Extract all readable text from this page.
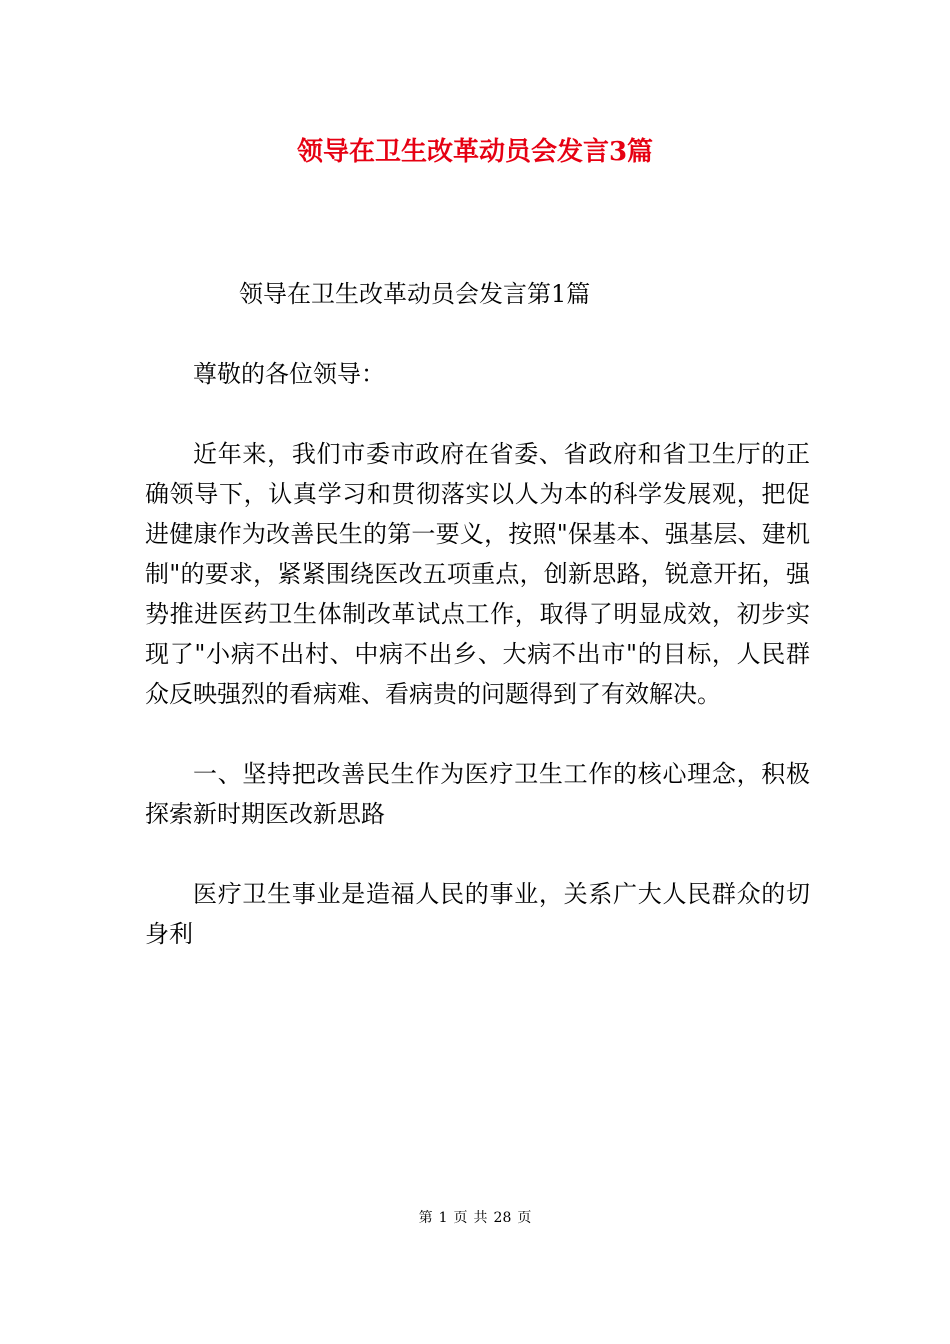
领导在卫生改革动员会发言3篇

领导在卫生改革动员会发言第1篇

尊敬的各位领导：

近年来，我们市委市政府在省委、省政府和省卫生厅的正确领导下，认真学习和贯彻落实以人为本的科学发展观，把促进健康作为改善民生的第一要义，按照"保基本、强基层、建机制"的要求，紧紧围绕医改五项重点，创新思路，锐意开拓，强势推进医药卫生体制改革试点工作，取得了明显成效，初步实现了"小病不出村、中病不出乡、大病不出市"的目标，人民群众反映强烈的看病难、看病贵的问题得到了有效解决。

一、坚持把改善民生作为医疗卫生工作的核心理念，积极探索新时期医改新思路

医疗卫生事业是造福人民的事业，关系广大人民群众的切身利

第 1 页 共 28 页
